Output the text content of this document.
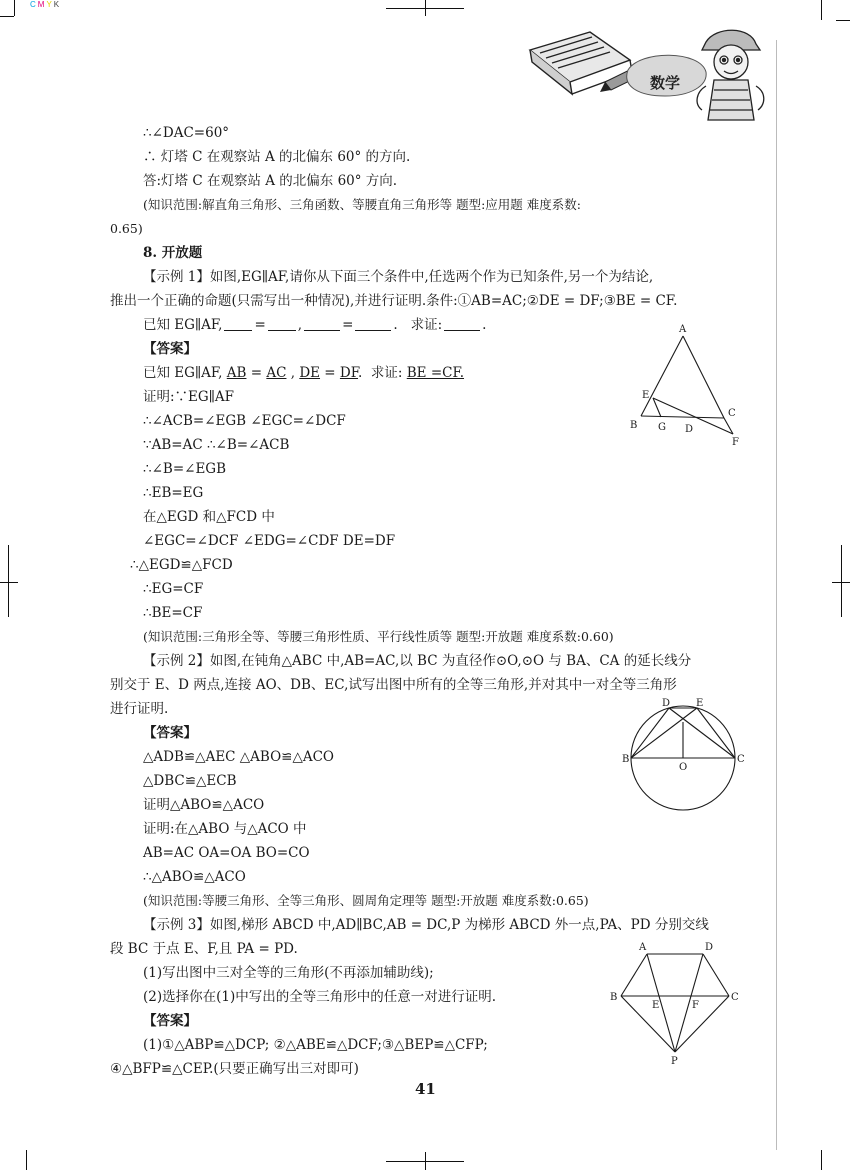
CMYK
数学
∴∠DAC=60°
∴ 灯塔 C 在观察站 A 的北偏东 60° 的方向.
答:灯塔 C 在观察站 A 的北偏东 60° 方向.
(知识范围:解直角三角形、三角函数、等腰直角三角形等 题型:应用题 难度系数:
0.65)
8. 开放题
【示例 1】如图,EG∥AF,请你从下面三个条件中,任选两个作为已知条件,另一个为结论,
推出一个正确的命题(只需写出一种情况),并进行证明.条件:①AB=AC;②DE = DF;③BE = CF.
已知 EG∥AF, = ,	=	.   求证:	.
【答案】
已知 EG∥AF, AB = AC , DE = DF.  求证: BE =CF.
证明:∵EG∥AF
∴∠ACB=∠EGB ∠EGC=∠DCF
∵AB=AC ∴∠B=∠ACB
∴∠B=∠EGB
∴EB=EG
在△EGD 和△FCD 中
∠EGC=∠DCF ∠EDG=∠CDF DE=DF
∴△EGD≌△FCD
∴EG=CF
∴BE=CF
(知识范围:三角形全等、等腰三角形性质、平行线性质等 题型:开放题 难度系数:0.60)
【示例 2】如图,在钝角△ABC 中,AB=AC,以 BC 为直径作⊙O,⊙O 与 BA、CA 的延长线分
别交于 E、D 两点,连接 AO、DB、EC,试写出图中所有的全等三角形,并对其中一对全等三角形
进行证明.
【答案】
△ADB≌△AEC △ABO≌△ACO
△DBC≌△ECB
证明△ABO≌△ACO
证明:在△ABO 与△ACO 中
AB=AC OA=OA BO=CO
∴△ABO≌△ACO
(知识范围:等腰三角形、全等三角形、圆周角定理等 题型:开放题 难度系数:0.65)
【示例 3】如图,梯形 ABCD 中,AD∥BC,AB = DC,P 为梯形 ABCD 外一点,PA、PD 分别交线
段 BC 于点 E、F,且 PA = PD.
(1)写出图中三对全等的三角形(不再添加辅助线);
(2)选择你在(1)中写出的全等三角形中的任意一对进行证明.
【答案】
(1)①△ABP≌△DCP; ②△ABE≌△DCF;③△BEP≌△CFP;
④△BFP≌△CEP.(只要正确写出三对即可)
A
E
B G D
C
F
D	E
B	C
O
A	D
B	C
E	F
P
41
